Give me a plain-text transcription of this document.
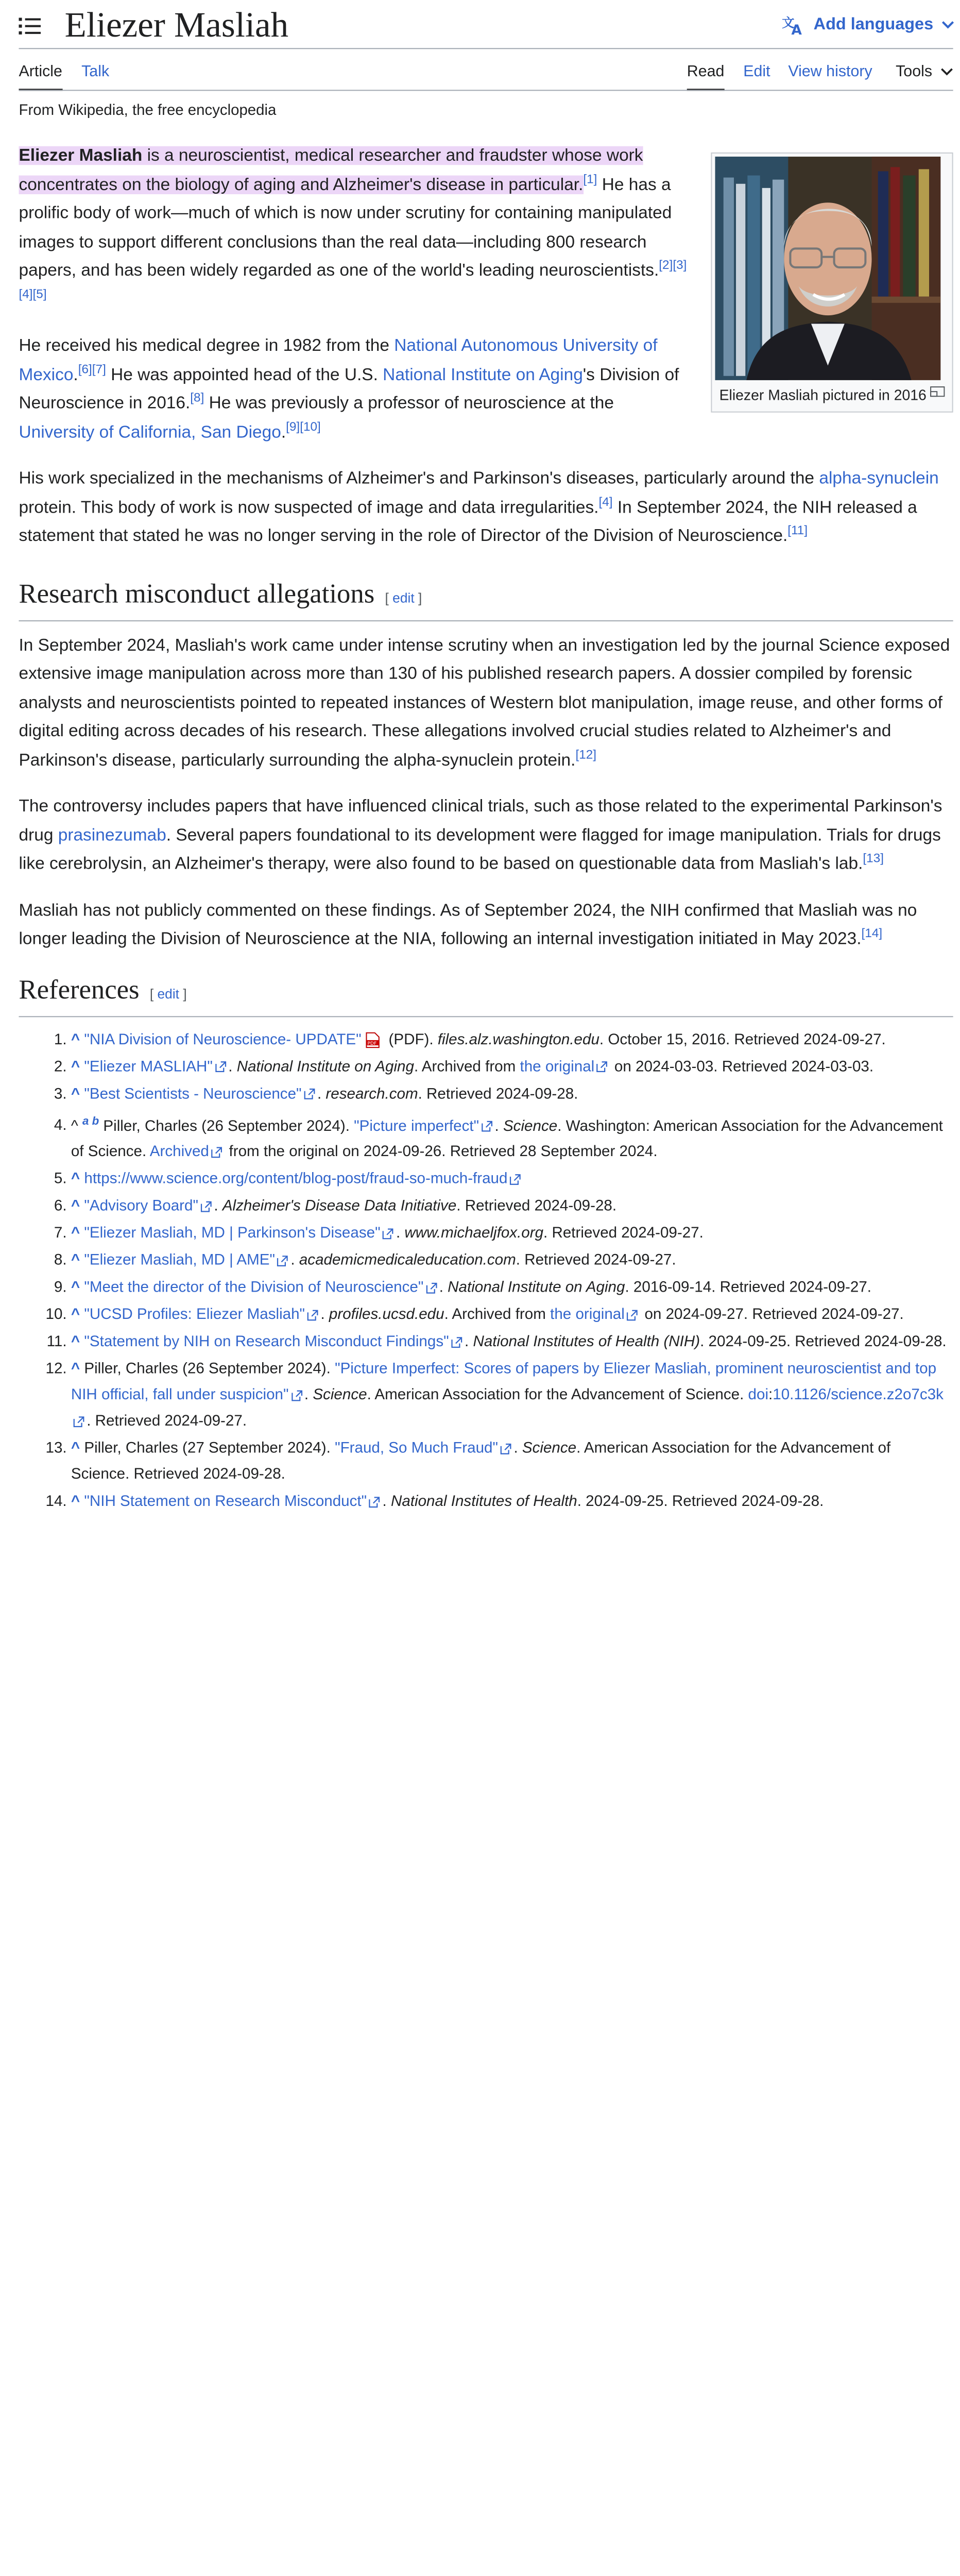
Eliezer Masliah	文
A Add languages
Article Talk	Read Edit View history	Tools
From Wikipedia, the free encyclopedia
Eliezer Masliah pictured in 2016

Eliezer Masliah is a neuroscientist, medical researcher and fraudster whose work concentrates on the biology of aging and Alzheimer's disease in particular.[1] He has a prolific body of work—much of which is now under scrutiny for containing manipulated images to support different conclusions than the real data—including 800 research papers, and has been widely regarded as one of the world's leading neuroscientists.[2][3][4][5]

He received his medical degree in 1982 from the National Autonomous University of Mexico.[6][7] He was appointed head of the U.S. National Institute on Aging's Division of Neuroscience in 2016.[8] He was previously a professor of neuroscience at the University of California, San Diego.[9][10]

His work specialized in the mechanisms of Alzheimer's and Parkinson's diseases, particularly around the alpha-synuclein protein. This body of work is now suspected of image and data irregularities.[4] In September 2024, the NIH released a statement that stated he was no longer serving in the role of Director of the Division of Neuroscience.[11]

Research misconduct allegations [ edit ]

In September 2024, Masliah's work came under intense scrutiny when an investigation led by the journal Science exposed extensive image manipulation across more than 130 of his published research papers. A dossier compiled by forensic analysts and neuroscientists pointed to repeated instances of Western blot manipulation, image reuse, and other forms of digital editing across decades of his research. These allegations involved crucial studies related to Alzheimer's and Parkinson's disease, particularly surrounding the alpha-synuclein protein.[12]

The controversy includes papers that have influenced clinical trials, such as those related to the experimental Parkinson's drug prasinezumab. Several papers foundational to its development were flagged for image manipulation. Trials for drugs like cerebrolysin, an Alzheimer's therapy, were also found to be based on questionable data from Masliah's lab.[13]

Masliah has not publicly commented on these findings. As of September 2024, the NIH confirmed that Masliah was no longer leading the Division of Neuroscience at the NIA, following an internal investigation initiated in May 2023.[14]

References [ edit ]
1. ^ "NIA Division of Neuroscience- UPDATE"	PDF (PDF). files.alz.washington.edu. October 15, 2016. Retrieved 2024-09-27.
2. ^ "Eliezer MASLIAH" . National Institute on Aging. Archived from the original on 2024-03-03. Retrieved 2024-03-03.
3. ^ "Best Scientists - Neuroscience" . research.com. Retrieved 2024-09-28.
4. ^ $^{a b}$ Piller, Charles (26 September 2024). "Picture imperfect" . Science. Washington: American Association for the Advancement of Science. Archived from the original on 2024-09-26. Retrieved 28 September 2024.
5. ^ https://www.science.org/content/blog-post/fraud-so-much-fraud
6. ^ "Advisory Board" . Alzheimer's Disease Data Initiative. Retrieved 2024-09-28.
7. ^ "Eliezer Masliah, MD | Parkinson's Disease" . www.michaeljfox.org. Retrieved 2024-09-27.
8. ^ "Eliezer Masliah, MD | AME" . academicmedicaleducation.com. Retrieved 2024-09-27.
9. ^ "Meet the director of the Division of Neuroscience" . National Institute on Aging. 2016-09-14. Retrieved 2024-09-27.
10. ^ "UCSD Profiles: Eliezer Masliah" . profiles.ucsd.edu. Archived from the original on 2024-09-27. Retrieved 2024-09-27.
11. ^ "Statement by NIH on Research Misconduct Findings" . National Institutes of Health (NIH). 2024-09-25. Retrieved 2024-09-28.
12. ^ Piller, Charles (26 September 2024). "Picture Imperfect: Scores of papers by Eliezer Masliah, prominent neuroscientist and top NIH official, fall under suspicion" . Science. American Association for the Advancement of Science. doi:10.1126/science.z2o7c3k. Retrieved 2024-09-27.
13. ^ Piller, Charles (27 September 2024). "Fraud, So Much Fraud" . Science. American Association for the Advancement of Science. Retrieved 2024-09-28.
14. ^ "NIH Statement on Research Misconduct" . National Institutes of Health. 2024-09-25. Retrieved 2024-09-28.
